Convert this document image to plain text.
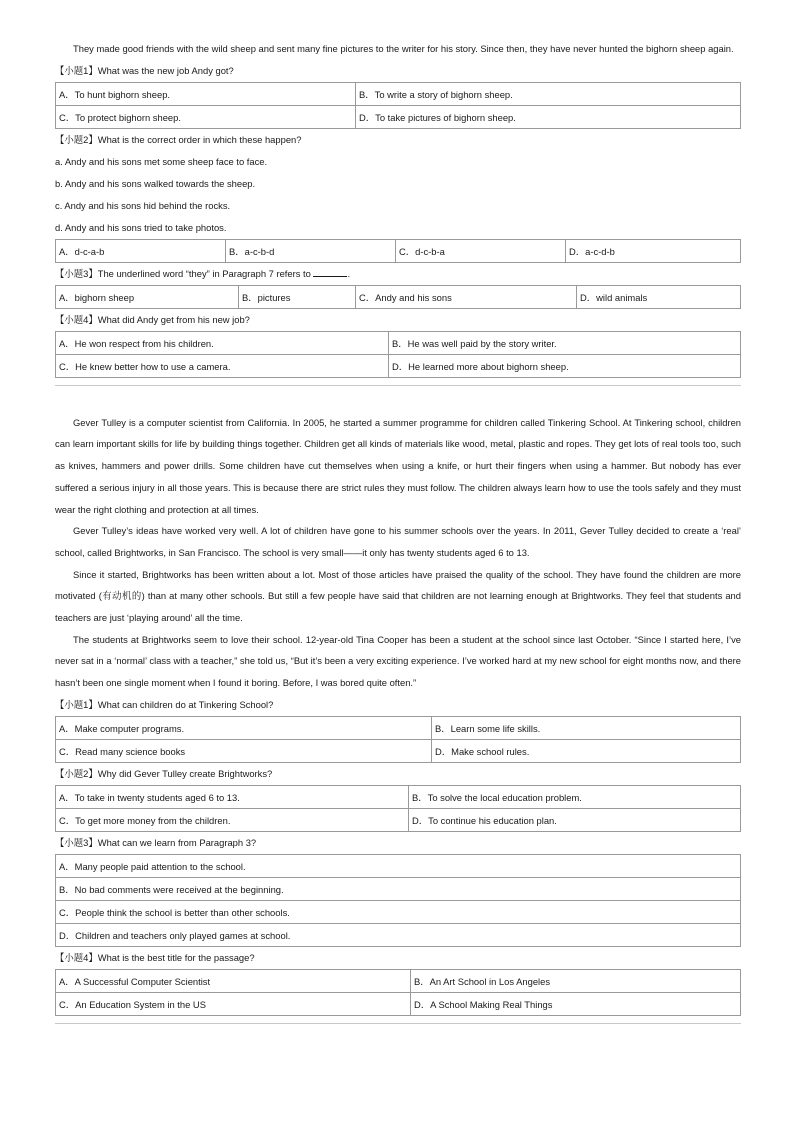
They made good friends with the wild sheep and sent many fine pictures to the writer for his story. Since then, they have never hunted the bighorn sheep again.

【小题1】What was the new job Andy got?
A．To hunt bighorn sheep.	B．To write a story of bighorn sheep.
C．To protect bighorn sheep.	D．To take pictures of bighorn sheep.
【小题2】What is the correct order in which these happen?
a. Andy and his sons met some sheep face to face.
b. Andy and his sons walked towards the sheep.
c. Andy and his sons hid behind the rocks.
d. Andy and his sons tried to take photos.
A．d-c-a-b	B．a-c-b-d	C．d-c-b-a	D．a-c-d-b
【小题3】The underlined word “they” in Paragraph 7 refers to	.
A．bighorn sheep	B．pictures	C．Andy and his sons	D．wild animals
【小题4】What did Andy get from his new job?
A．He won respect from his children.	B．He was well paid by the story writer.
C．He knew better how to use a camera.	D．He learned more about bighorn sheep.

Gever Tulley is a computer scientist from California. In 2005, he started a summer programme for children called Tinkering School. At Tinkering school, children can learn important skills for life by building things together. Children get all kinds of materials like wood, metal, plastic and ropes. They get lots of real tools too, such as knives, hammers and power drills. Some children have cut themselves when using a knife, or hurt their fingers when using a hammer. But nobody has ever suffered a serious injury in all those years. This is because there are strict rules they must follow. The children always learn how to use the tools safely and they must wear the right clothing and protection at all times.

Gever Tulley’s ideas have worked very well. A lot of children have gone to his summer schools over the years. In 2011, Gever Tulley decided to create a ‘real’ school, called Brightworks, in San Francisco. The school is very small——it only has twenty students aged 6 to 13.

Since it started, Brightworks has been written about a lot. Most of those articles have praised the quality of the school. They have found the children are more motivated (有动机的) than at many other schools. But still a few people have said that children are not learning enough at Brightworks. They feel that students and teachers are just ‘playing around’ all the time.

The students at Brightworks seem to love their school. 12-year-old Tina Cooper has been a student at the school since last October. “Since I started here, I’ve never sat in a ‘normal’ class with a teacher,” she told us, “But it’s been a very exciting experience. I’ve worked hard at my new school for eight months now, and there hasn’t been one single moment when I found it boring. Before, I was bored quite often.”

【小题1】What can children do at Tinkering School?
A．Make computer programs.	B．Learn some life skills.
C．Read many science books	D．Make school rules.
【小题2】Why did Gever Tulley create Brightworks?
A．To take in twenty students aged 6 to 13.	B．To solve the local education problem.
C．To get more money from the children.	D．To continue his education plan.
【小题3】What can we learn from Paragraph 3?
A．Many people paid attention to the school.
B．No bad comments were received at the beginning.
C．People think the school is better than other schools.
D．Children and teachers only played games at school.
【小题4】What is the best title for the passage?
A．A Successful Computer Scientist	B．An Art School in Los Angeles
C．An Education System in the US	D．A School Making Real Things
